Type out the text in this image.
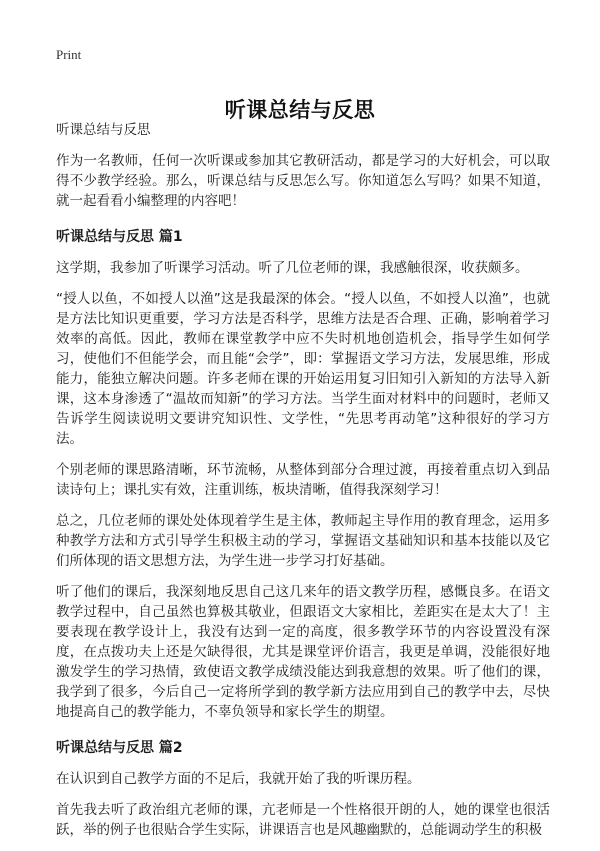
Print
听课总结与反思
听课总结与反思

作为一名教师，任何一次听课或参加其它教研活动，都是学习的大好机会，可以取得不少教学经验。那么，听课总结与反思怎么写。你知道怎么写吗？如果不知道，就一起看看小编整理的内容吧！

听课总结与反思 篇1

这学期，我参加了听课学习活动。听了几位老师的课，我感触很深，收获颇多。

“授人以鱼，不如授人以渔”这是我最深的体会。“授人以鱼，不如授人以渔”，也就是方法比知识更重要，学习方法是否科学，思维方法是否合理、正确，影响着学习效率的高低。因此，教师在课堂教学中应不失时机地创造机会，指导学生如何学习，使他们不但能学会，而且能“会学”，即：掌握语文学习方法，发展思维，形成能力，能独立解决问题。许多老师在课的开始运用复习旧知引入新知的方法导入新课，这本身渗透了“温故而知新”的学习方法。当学生面对材料中的问题时，老师又告诉学生阅读说明文要讲究知识性、文学性，“先思考再动笔”这种很好的学习方法。

个别老师的课思路清晰，环节流畅，从整体到部分合理过渡，再接着重点切入到品读诗句上；课扎实有效，注重训练，板块清晰，值得我深刻学习！

总之，几位老师的课处处体现着学生是主体，教师起主导作用的教育理念，运用多种教学方法和方式引导学生积极主动的学习，掌握语文基础知识和基本技能以及它们所体现的语文思想方法，为学生进一步学习打好基础。

听了他们的课后，我深刻地反思自己这几来年的语文教学历程，感慨良多。在语文教学过程中，自己虽然也算极其敬业，但跟语文大家相比，差距实在是太大了！主要表现在教学设计上，我没有达到一定的高度，很多教学环节的内容设置没有深度，在点拨功夫上还是欠缺得很，尤其是课堂评价语言，我更是单调，没能很好地激发学生的学习热情，致使语文教学成绩没能达到我意想的效果。听了他们的课，我学到了很多，今后自己一定将所学到的教学新方法应用到自己的教学中去，尽快地提高自己的教学能力，不辜负领导和家长学生的期望。

听课总结与反思 篇2

在认识到自己教学方面的不足后，我就开始了我的听课历程。

首先我去听了政治组亢老师的课，亢老师是一个性格很开朗的人，她的课堂也很活跃，举的例子也很贴合学生实际，讲课语言也是风趣幽默的，总能调动学生的积极
